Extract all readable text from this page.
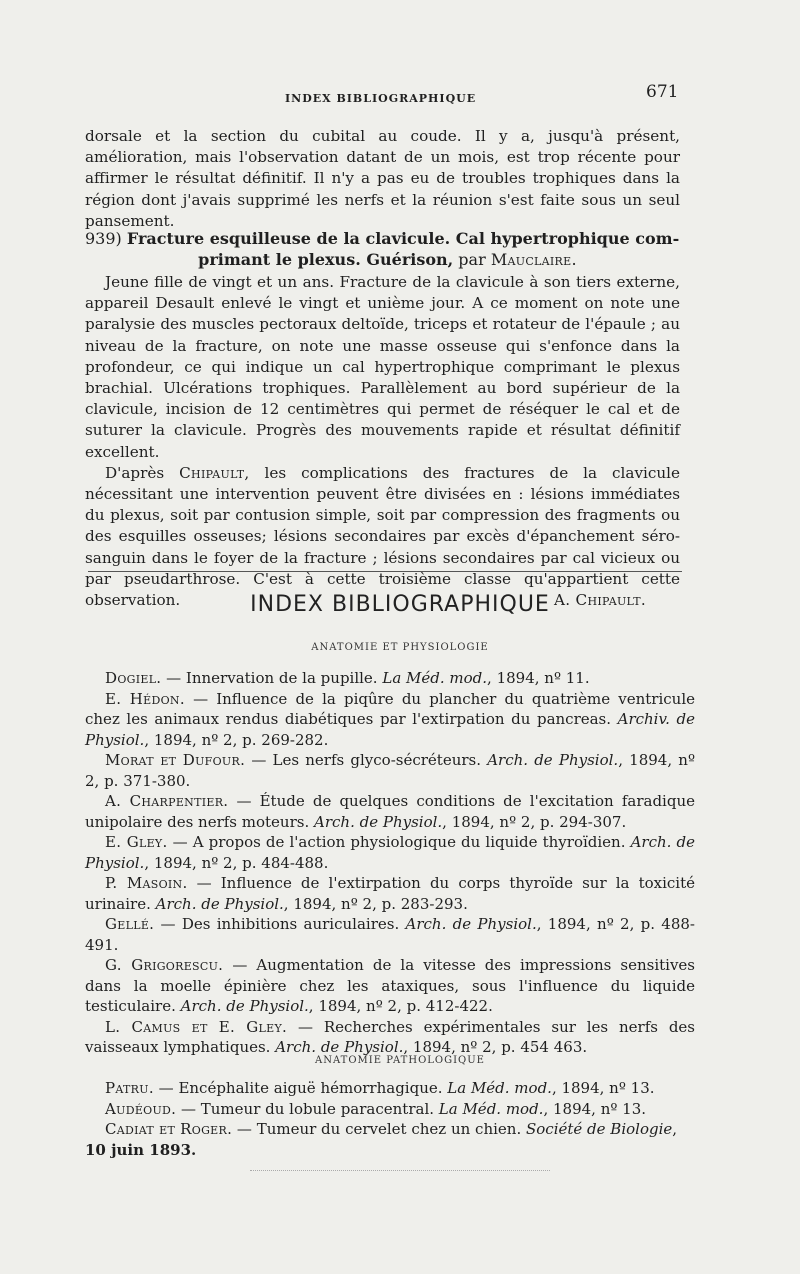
INDEX BIBLIOGRAPHIQUE	671

dorsale et la section du cubital au coude. Il y a, jusqu'à présent, amélioration, mais l'observation datant de un mois, est trop récente pour affirmer le résultat définitif. Il n'y a pas eu de troubles trophiques dans la région dont j'avais supprimé les nerfs et la réunion s'est faite sous un seul pansement.

939) Fracture esquilleuse de la clavicule. Cal hypertrophique com-
primant le plexus. Guérison, par Mauclaire.

Jeune fille de vingt et un ans. Fracture de la clavicule à son tiers externe, appareil Desault enlevé le vingt et unième jour. A ce moment on note une paralysie des muscles pectoraux deltoïde, triceps et rotateur de l'épaule ; au niveau de la fracture, on note une masse osseuse qui s'enfonce dans la profondeur, ce qui indique un cal hypertrophique comprimant le plexus brachial. Ulcérations trophiques. Parallèlement au bord supérieur de la clavicule, incision de 12 centimètres qui permet de réséquer le cal et de suturer la clavicule. Progrès des mouvements rapide et résultat définitif excellent.

D'après Chipault, les complications des fractures de la clavicule nécessitant une intervention peuvent être divisées en : lésions immédiates du plexus, soit par contusion simple, soit par compression des fragments ou des esquilles osseuses; lésions secondaires par excès d'épanchement séro-sanguin dans le foyer de la fracture ; lésions secondaires par cal vicieux ou par pseudarthrose. C'est à cette troisième classe qu'appartient cette observation.	A. Chipault.

INDEX BIBLIOGRAPHIQUE
ANATOMIE ET PHYSIOLOGIE

Dogiel. — Innervation de la pupille. La Méd. mod., 1894, nº 11.

E. Hédon. — Influence de la piqûre du plancher du quatrième ventricule chez les animaux rendus diabétiques par l'extirpation du pancreas. Archiv. de Physiol., 1894, nº 2, p. 269-282.

Morat et Dufour. — Les nerfs glyco-sécréteurs. Arch. de Physiol., 1894, nº 2, p. 371-380.

A. Charpentier. — Étude de quelques conditions de l'excitation faradique unipolaire des nerfs moteurs. Arch. de Physiol., 1894, nº 2, p. 294-307.

E. Gley. — A propos de l'action physiologique du liquide thyroïdien. Arch. de Physiol., 1894, nº 2, p. 484-488.

P. Masoin. — Influence de l'extirpation du corps thyroïde sur la toxicité urinaire. Arch. de Physiol., 1894, nº 2, p. 283-293.

Gellé. — Des inhibitions auriculaires. Arch. de Physiol., 1894, nº 2, p. 488-491.

G. Grigorescu. — Augmentation de la vitesse des impressions sensitives dans la moelle épinière chez les ataxiques, sous l'influence du liquide testiculaire. Arch. de Physiol., 1894, nº 2, p. 412-422.

L. Camus et E. Gley. — Recherches expérimentales sur les nerfs des vaisseaux lymphatiques. Arch. de Physiol., 1894, nº 2, p. 454 463.

ANATOMIE PATHOLOGIQUE

Patru. — Encéphalite aiguë hémorrhagique. La Méd. mod., 1894, nº 13.

Audéoud. — Tumeur du lobule paracentral. La Méd. mod., 1894, nº 13.

Cadiat et Roger. — Tumeur du cervelet chez un chien. Société de Biologie,

10 juin 1893.
